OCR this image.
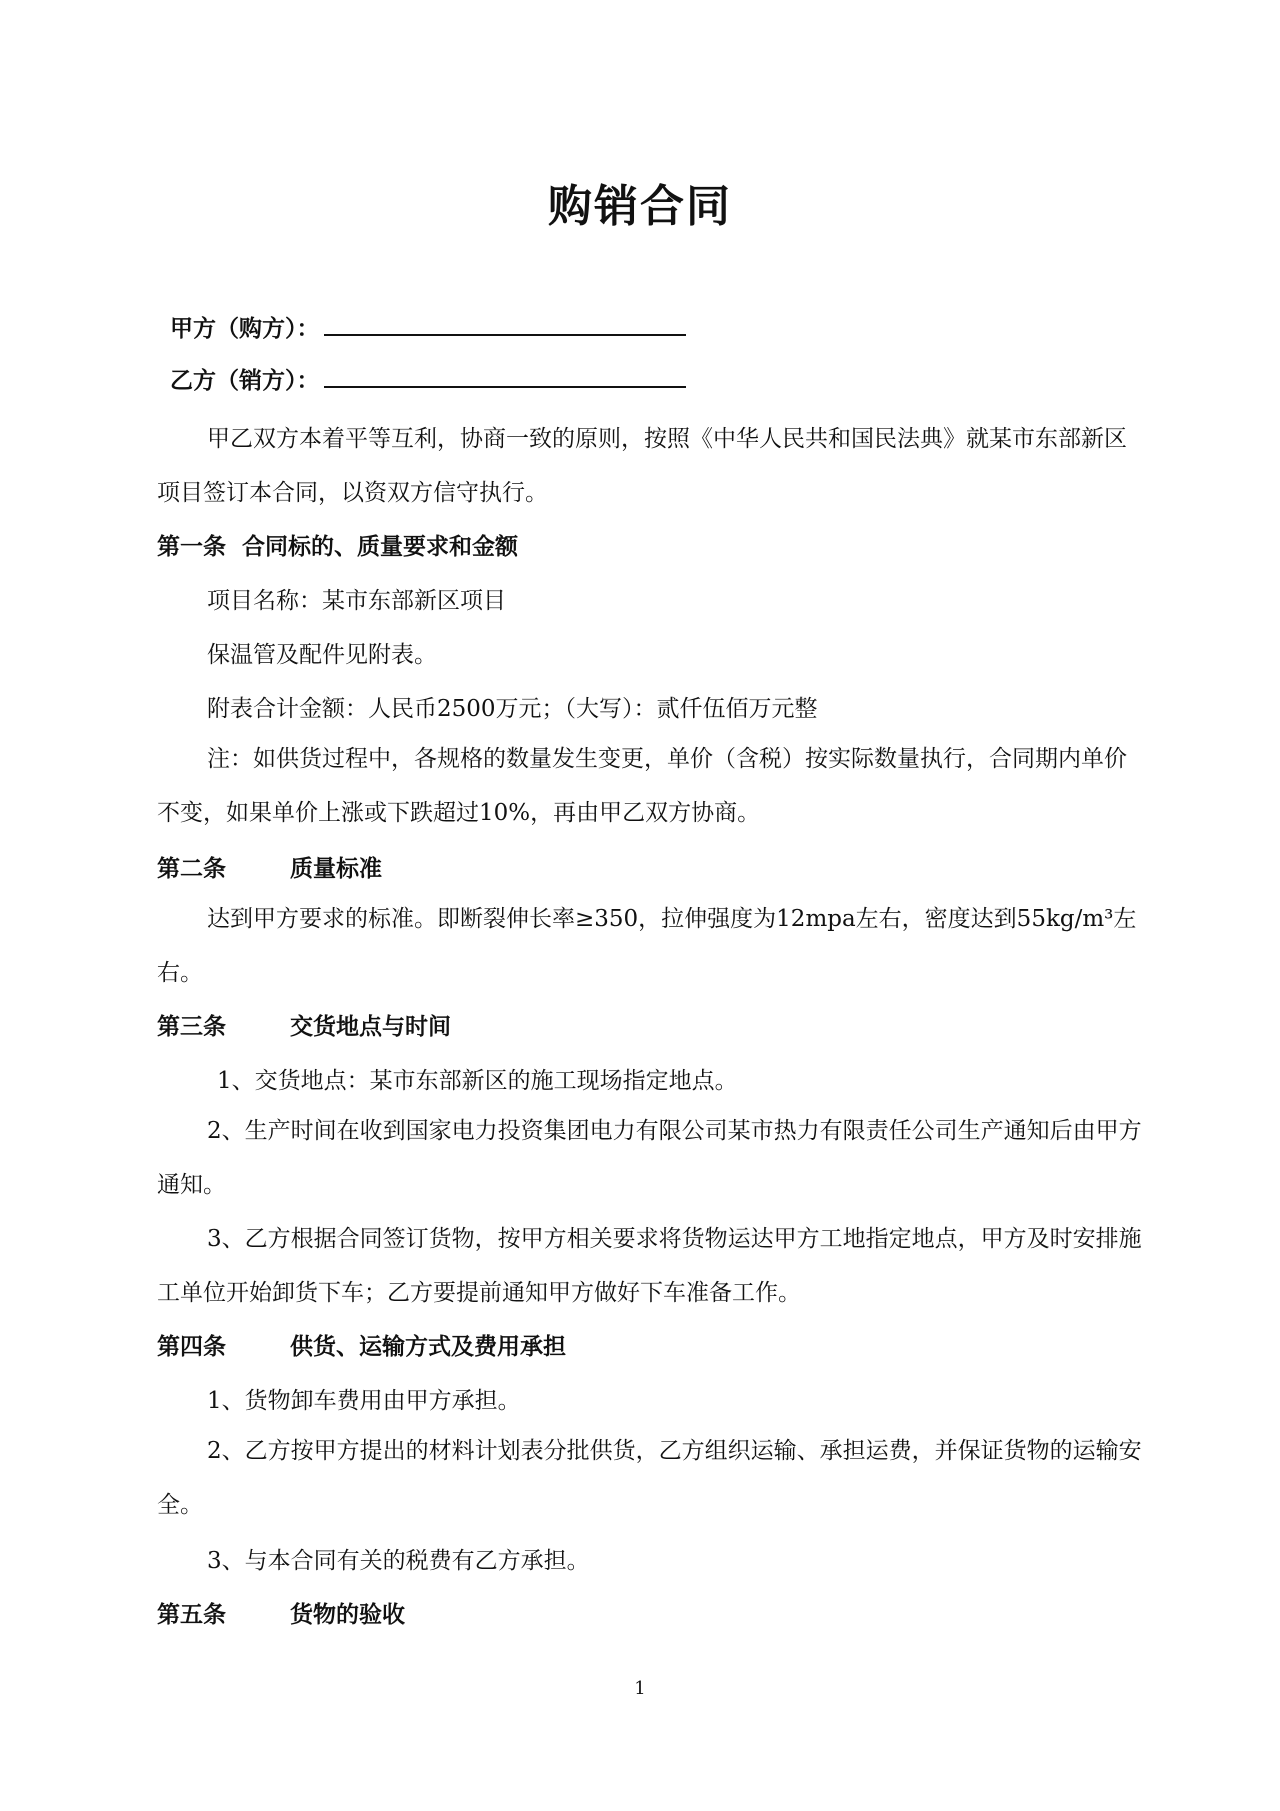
购销合同
甲方（购方）：
乙方（销方）：
甲乙双方本着平等互利，协商一致的原则，按照《中华人民共和国民法典》就某市东部新区项目签订本合同，以资双方信守执行。
第一条  合同标的、质量要求和金额
项目名称：某市东部新区项目
保温管及配件见附表。
附表合计金额：人民币2500万元；（大写）：贰仟伍佰万元整
注：如供货过程中，各规格的数量发生变更，单价（含税）按实际数量执行，合同期内单价不变，如果单价上涨或下跌超过10%，再由甲乙双方协商。
第二条        质量标准
达到甲方要求的标准。即断裂伸长率≥350，拉伸强度为12mpa左右，密度达到55kg/m³左右。
第三条        交货地点与时间
1、交货地点：某市东部新区的施工现场指定地点。
2、生产时间在收到国家电力投资集团电力有限公司某市热力有限责任公司生产通知后由甲方通知。
3、乙方根据合同签订货物，按甲方相关要求将货物运达甲方工地指定地点，甲方及时安排施工单位开始卸货下车；乙方要提前通知甲方做好下车准备工作。
第四条        供货、运输方式及费用承担
1、货物卸车费用由甲方承担。
2、乙方按甲方提出的材料计划表分批供货，乙方组织运输、承担运费，并保证货物的运输安全。
3、与本合同有关的税费有乙方承担。
第五条        货物的验收
1
